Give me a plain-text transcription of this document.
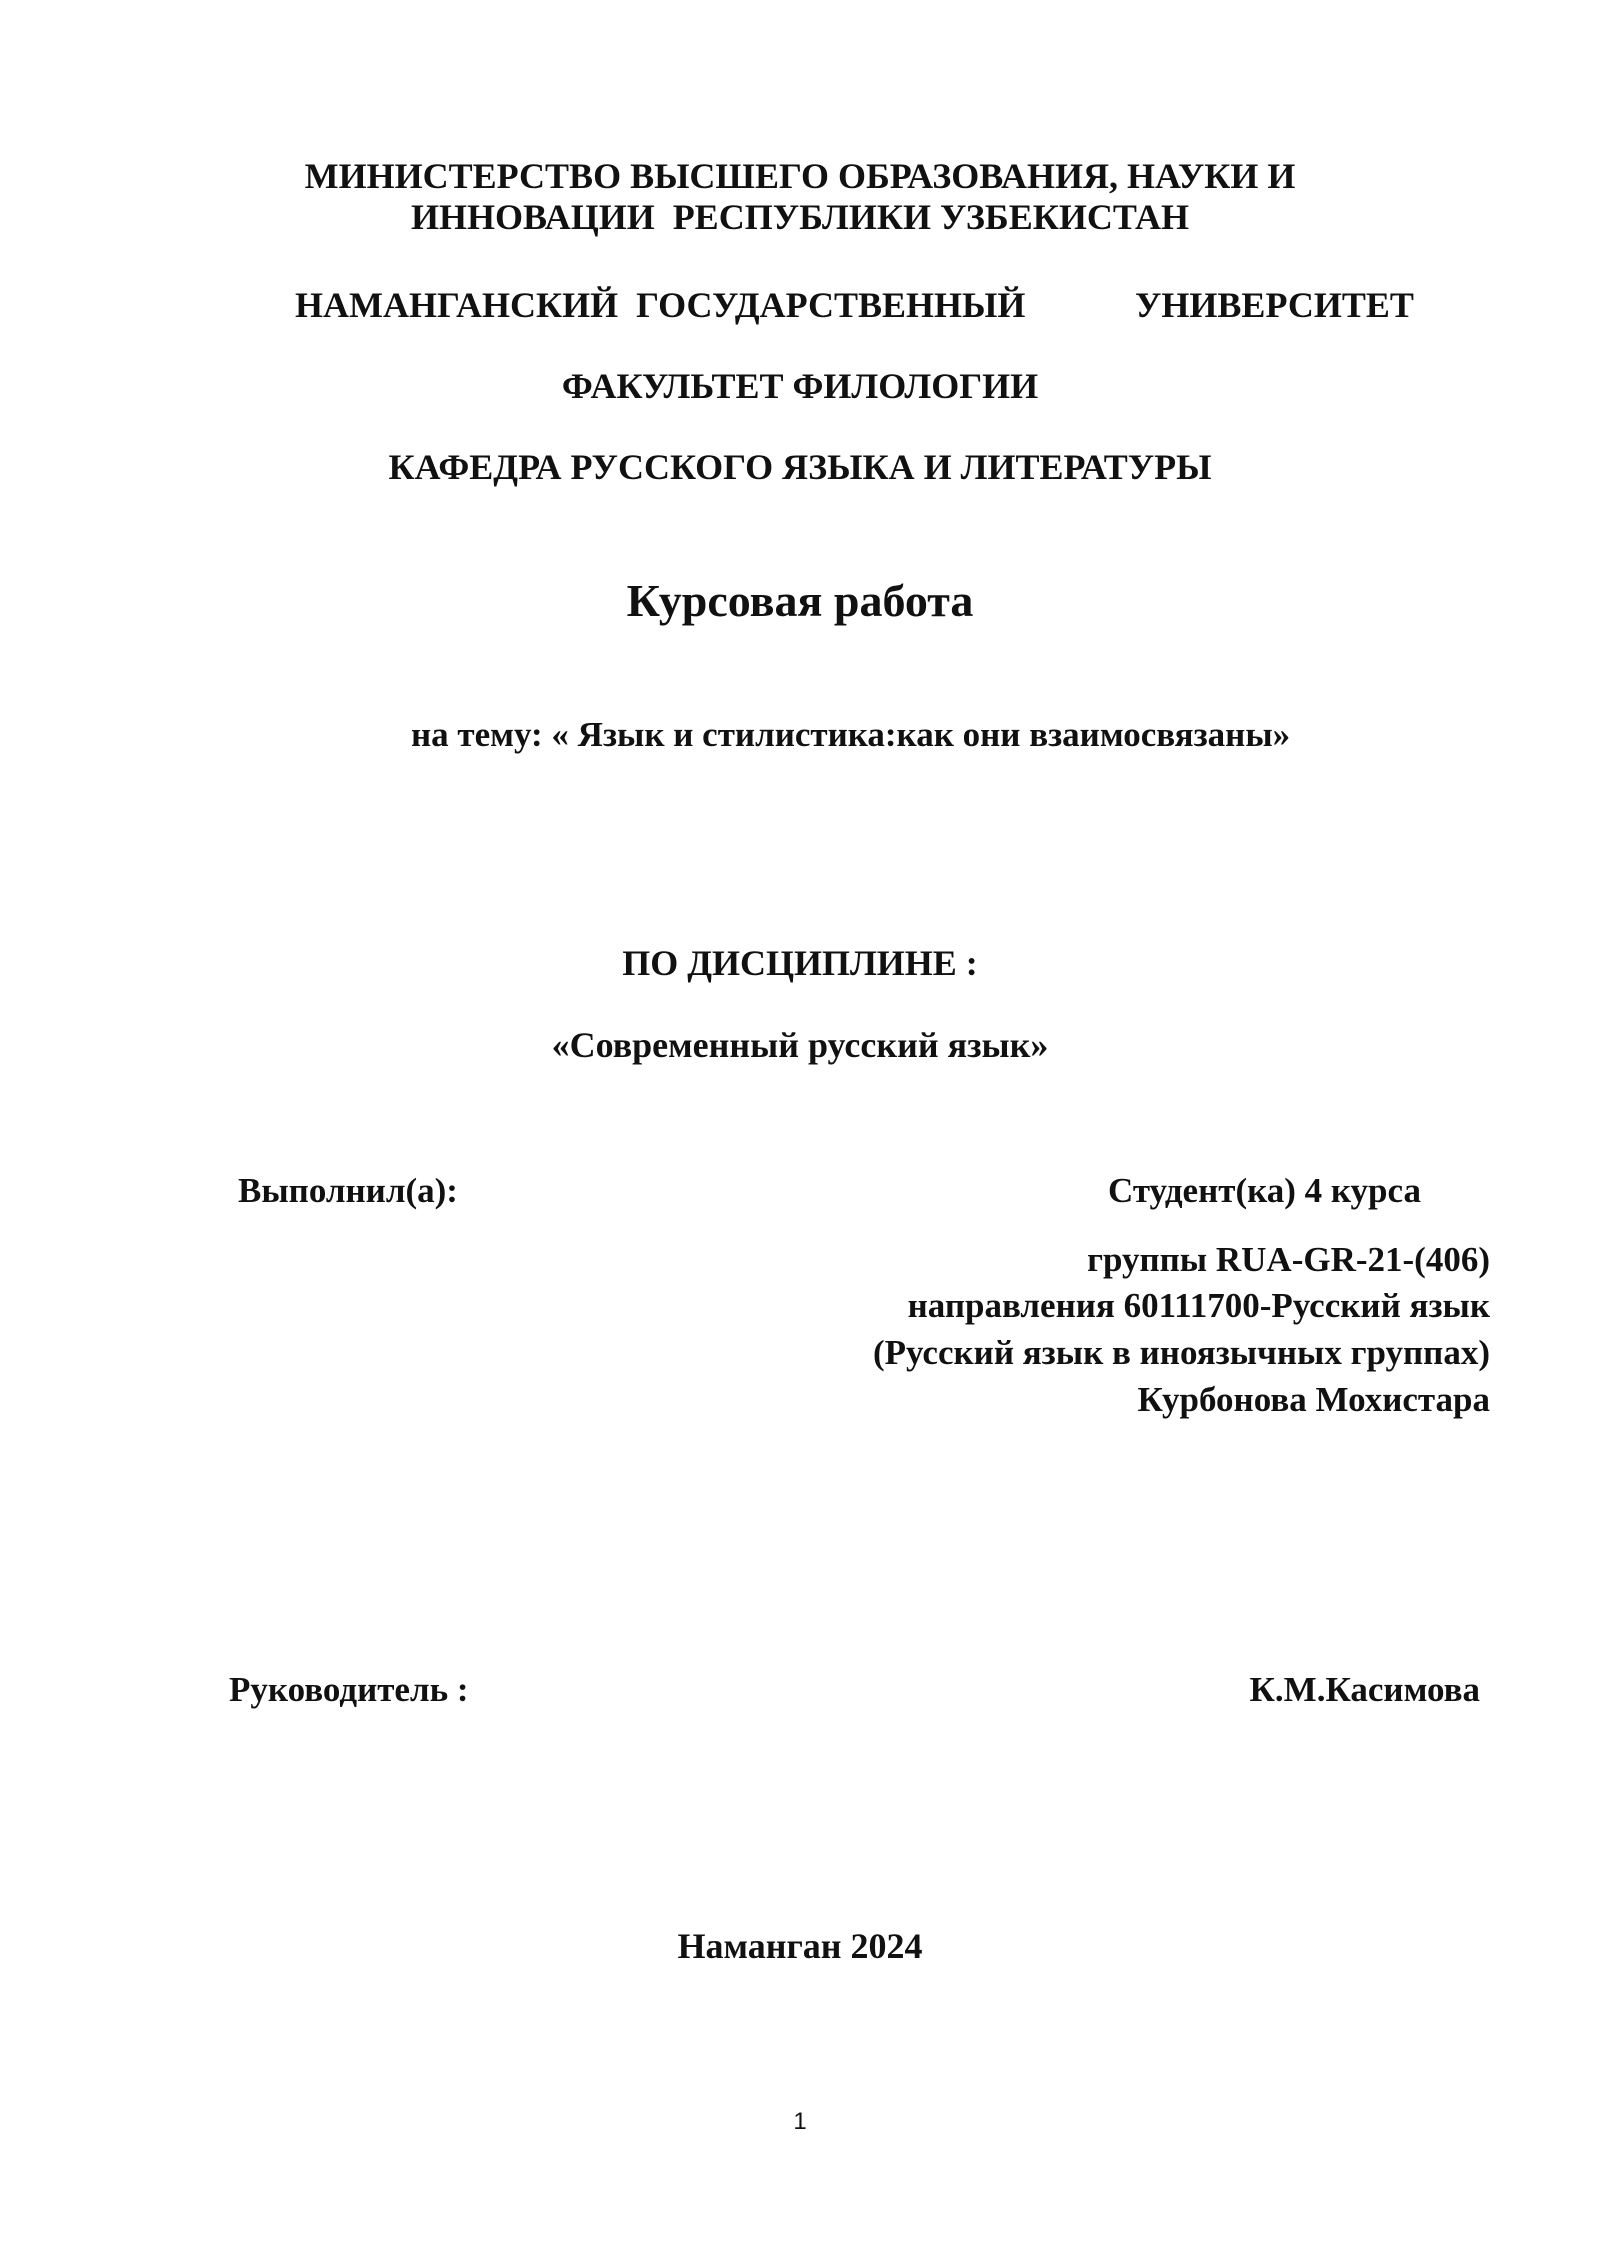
МИНИСТЕРСТВО ВЫСШЕГО ОБРАЗОВАНИЯ, НАУКИ И
ИННОВАЦИИ  РЕСПУБЛИКИ УЗБЕКИСТАН
НАМАНГАНСКИЙ  ГОСУДАРСТВЕННЫЙ	УНИВЕРСИТЕТ
ФАКУЛЬТЕТ ФИЛОЛОГИИ
КАФЕДРА РУССКОГО ЯЗЫКА И ЛИТЕРАТУРЫ
Курсовая работа
на тему: « Язык и стилистика:как они взаимосвязаны»
ПО ДИСЦИПЛИНЕ :
«Современный русский язык»
Выполнил(а):	Студент(ка) 4 курса
группы RUA-GR-21-(406)
направления 60111700-Русский язык
(Русский язык в иноязычных группах)
Курбонова Мохистара
Руководитель :	К.М.Касимова
Наманган 2024
1
